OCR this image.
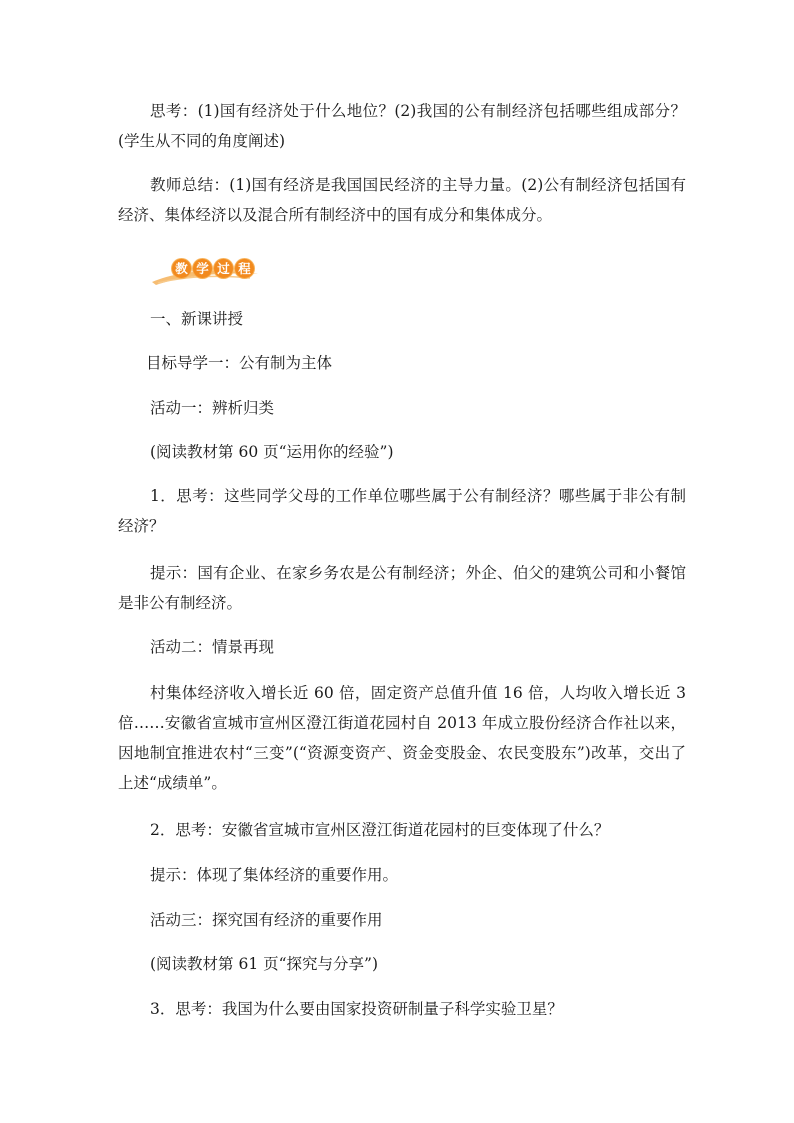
思考：(1)国有经济处于什么地位？(2)我国的公有制经济包括哪些组成部分？(学生从不同的角度阐述)

教师总结：(1)国有经济是我国国民经济的主导力量。(2)公有制经济包括国有经济、集体经济以及混合所有制经济中的国有成分和集体成分。

教 学 过 程

一、新课讲授

目标导学一：公有制为主体

活动一：辨析归类

(阅读教材第 60 页“运用你的经验”)

1．思考：这些同学父母的工作单位哪些属于公有制经济？哪些属于非公有制经济？

提示：国有企业、在家乡务农是公有制经济；外企、伯父的建筑公司和小餐馆是非公有制经济。

活动二：情景再现

村集体经济收入增长近 60 倍，固定资产总值升值 16 倍，人均收入增长近 3 倍……安徽省宣城市宣州区澄江街道花园村自 2013 年成立股份经济合作社以来，因地制宜推进农村“三变”(“资源变资产、资金变股金、农民变股东”)改革，交出了上述“成绩单”。

2．思考：安徽省宣城市宣州区澄江街道花园村的巨变体现了什么？

提示：体现了集体经济的重要作用。

活动三：探究国有经济的重要作用

(阅读教材第 61 页“探究与分享”)

3．思考：我国为什么要由国家投资研制量子科学实验卫星？
